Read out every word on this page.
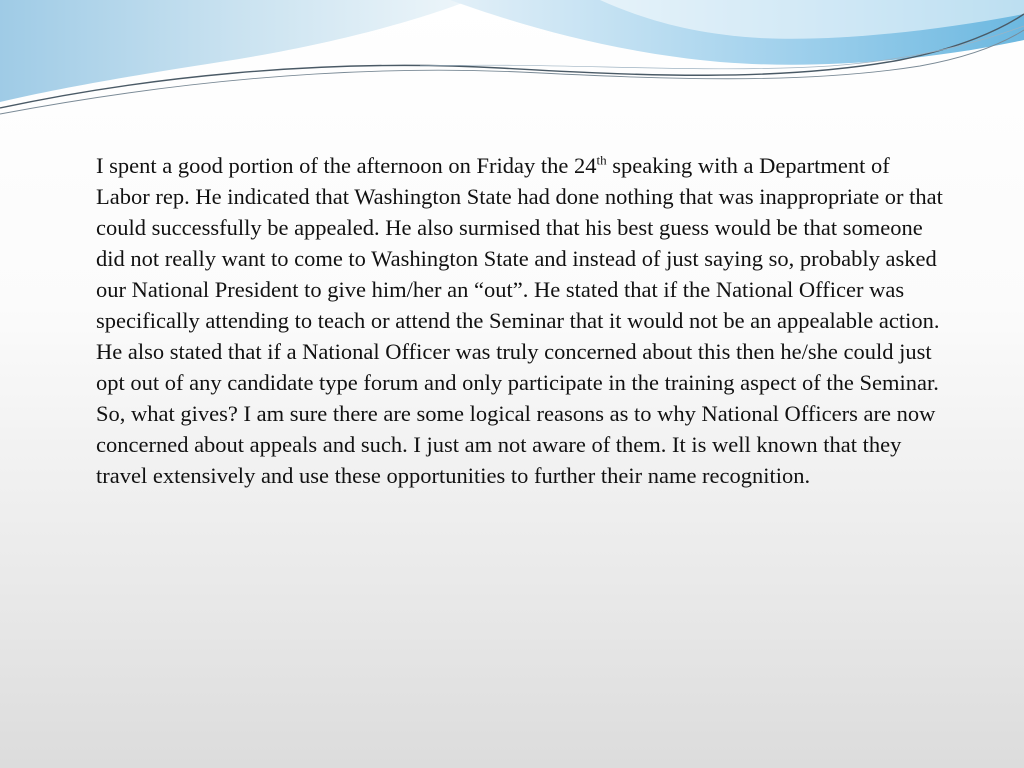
I spent a good portion of the afternoon on Friday the 24th speaking with a Department of Labor rep. He indicated that Washington State had done nothing that was inappropriate or that could successfully be appealed. He also surmised that his best guess would be that someone did not really want to come to Washington State and instead of just saying so, probably asked our National President to give him/her an “out”. He stated that if the National Officer was specifically attending to teach or attend the Seminar that it would not be an appealable action. He also stated that if a National Officer was truly concerned about this then he/she could just opt out of any candidate type forum and only participate in the training aspect of the Seminar. So, what gives? I am sure there are some logical reasons as to why National Officers are now concerned about appeals and such. I just am not aware of them. It is well known that they travel extensively and use these opportunities to further their name recognition.
